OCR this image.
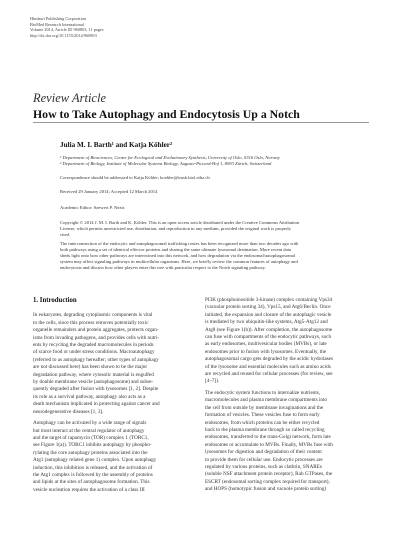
Hindawi Publishing Corporation
BioMed Research International
Volume 2014, Article ID 960803, 11 pages
http://dx.doi.org/10.1155/2014/960803
Review Article
How to Take Autophagy and Endocytosis Up a Notch
Julia M. I. Barth¹ and Katja Köhler²
¹ Department of Biosciences, Centre for Ecological and Evolutionary Synthesis, University of Oslo, 0316 Oslo, Norway
² Department of Biology, Institute of Molecular Systems Biology, Auguste-Piccard-Hof 1, 8093 Zürich, Switzerland
Correspondence should be addressed to Katja Köhler; koehler@imsb.biol.ethz.ch
Received 29 January 2014; Accepted 12 March 2014
Academic Editor: Szeweri P. Nezis
Copyright © 2014 J. M. I. Barth and K. Köhler. This is an open access article distributed under the Creative Commons Attribution
License, which permits unrestricted use, distribution, and reproduction in any medium, provided the original work is properly
cited.
The interconnection of the endocytic and autophagosomal trafficking routes has been recognized more than two decades ago with
both pathways using a set of identical effector proteins and sharing the same ultimate lysosomal destination. More recent data
sheds light onto how other pathways are intertwined into this network, and how degradation via the endosomal/autophagosomal
system may affect signaling pathways in multicellular organisms. Here, we briefly review the common features of autophagy and
endocytosis and discuss how other players enter this tree with particular respect to the Notch signaling pathway.
1. Introduction
In eukaryotes, degrading cytoplasmic components is vital
to the cells, since this process removes potentially toxic
organelle remainders and protein aggregates, protects organ-
isms from invading pathogens, and provides cells with nutri-
ents by recycling the degraded macromolecules in periods
of scarce food or under stress conditions. Macroautophagy
(referred to as autophagy hereafter; other types of autophagy
are not discussed here) has been shown to be the major
degradation pathway, where cytosolic material is engulfed
by double membrane vesicle (autophagosome) and subse-
quently degraded after fusion with lysosomes [1, 2]. Despite
its role as a survival pathway, autophagy also acts as a
death mechanism implicated in protecting against cancer and
neurodegenerative diseases [1, 3].
Autophagy can be activated by a wide range of signals
but most interact at the central regulator of autophagy
and the target of rapamycin (TOR) complex 1 (TORC1,
see Figure 1(a)). TORC1 inhibits autophagy by phospho-
rylating the core autophagy proteins associated into the
Atg1 (autophagy related gene 1) complex. Upon autophagy
induction, this inhibition is released, and the activation of
the Atg1 complex is followed by the assembly of proteins
and lipids at the sites of autophagosome formation. This
vesicle nucleation requires the activation of a class III
PI3K (phosphoinositide 3-kinase) complex containing Vps34
(vacuolar protein sorting 34), Vps15, and Atg6/Beclin. Once
initiated, the expansion and closure of the autophagic vesicle
is mediated by two ubiquitin-like systems, Atg5-Atg12 and
Atg8 (see Figure 1(b)). After completion, the autophagosome
can fuse with compartments of the endocytic pathways, such
as early endosomes, multivesicular bodies (MVBs), or late
endosomes prior to fusion with lysosomes. Eventually, the
autophagosomal cargo gets degraded by the acidic hydrolases
of the lysosome and essential molecules such as amino acids
are recycled and reused for cellular processes (for review, see
[4–7]).
The endocytic system functions to internalize nutrients,
macromolecules and plasma membrane compartments into
the cell from outside by membrane invaginations and the
formation of vesicles. These vesicles fuse to form early
endosomes, from which proteins can be either recycled
back to the plasma membrane through so called recycling
endosomes, transferred to the trans-Golgi network, form late
endosomes or accumulate to MVBs. Finally, MVBs fuse with
lysosomes for digestion and degradation of their content
to provide them for cellular use. Endocytic processes are
regulated by various proteins, such as clathrin, SNAREs
(soluble NSF attachment protein receptor), Rab GTPases, the
ESCRT (endosomal sorting complex required for transport),
and HOPS (homotypic fusion and vacuole protein sorting)
